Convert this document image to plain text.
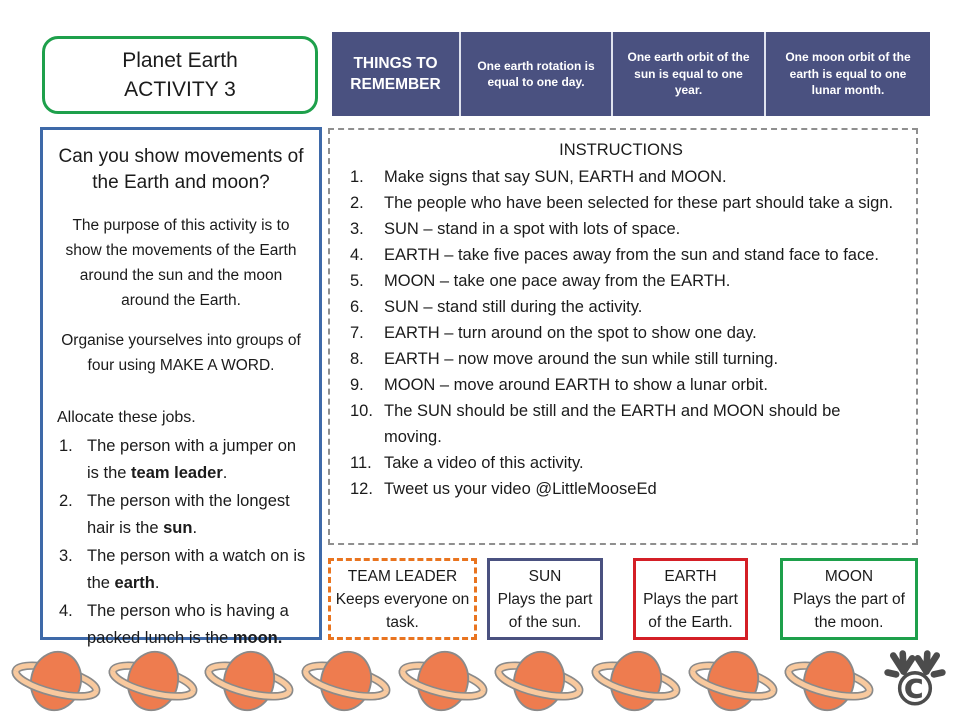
Planet Earth
ACTIVITY 3
THINGS TO REMEMBER
One earth rotation is equal to one day.
One earth orbit of the sun is equal to one year.
One moon orbit of the earth is equal to one lunar month.
Can you show movements of the Earth and moon?
The purpose of this activity is to show the movements of the Earth around the sun and the moon around the Earth.
Organise yourselves into groups of four using MAKE A WORD.
Allocate these jobs.
1. The person with a jumper on is the team leader.
2. The person with the longest hair is the sun.
3. The person with a watch on is the earth.
4. The person who is having a packed lunch is the moon.
INSTRUCTIONS
1. Make signs that say SUN, EARTH and MOON.
2. The people who have been selected for these part should take a sign.
3. SUN – stand in a spot with lots of space.
4. EARTH – take five paces away from the sun and stand face to face.
5. MOON – take one pace away from the EARTH.
6. SUN – stand still during the activity.
7. EARTH – turn around on the spot to show one day.
8. EARTH – now move around the sun while still turning.
9. MOON – move around EARTH to show a lunar orbit.
10. The SUN should be still and the EARTH and MOON should be moving.
11. Take a video of this activity.
12. Tweet us your video @LittleMooseEd
TEAM LEADER
Keeps everyone on task.
SUN
Plays the part of the sun.
EARTH
Plays the part of the Earth.
MOON
Plays the part of the moon.
